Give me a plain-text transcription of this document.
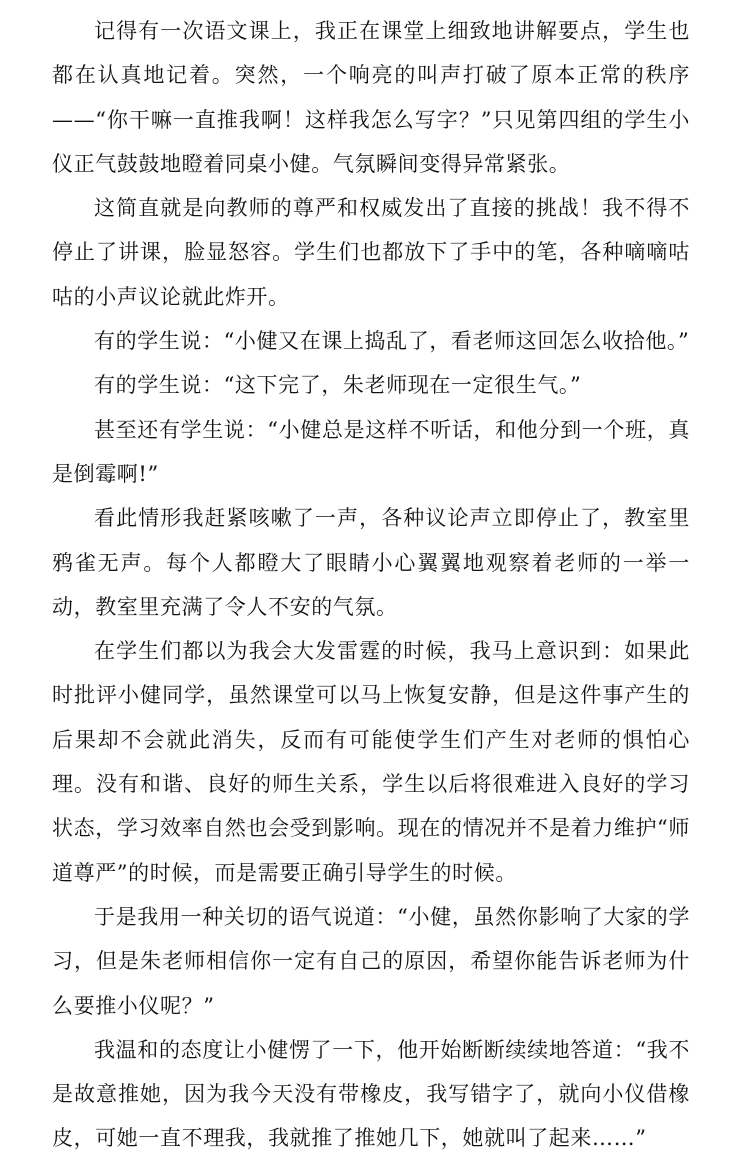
记得有一次语文课上，我正在课堂上细致地讲解要点，学生也都在认真地记着。突然，一个响亮的叫声打破了原本正常的秩序——“你干嘛一直推我啊！这样我怎么写字？”只见第四组的学生小仪正气鼓鼓地瞪着同桌小健。气氛瞬间变得异常紧张。

这简直就是向教师的尊严和权威发出了直接的挑战！我不得不停止了讲课，脸显怒容。学生们也都放下了手中的笔，各种嘀嘀咕咕的小声议论就此炸开。

有的学生说：“小健又在课上捣乱了，看老师这回怎么收拾他。”

有的学生说：“这下完了，朱老师现在一定很生气。”

甚至还有学生说：“小健总是这样不听话，和他分到一个班，真是倒霉啊!”

看此情形我赶紧咳嗽了一声，各种议论声立即停止了，教室里鸦雀无声。每个人都瞪大了眼睛小心翼翼地观察着老师的一举一动，教室里充满了令人不安的气氛。

在学生们都以为我会大发雷霆的时候，我马上意识到：如果此时批评小健同学，虽然课堂可以马上恢复安静，但是这件事产生的后果却不会就此消失，反而有可能使学生们产生对老师的惧怕心理。没有和谐、良好的师生关系，学生以后将很难进入良好的学习状态，学习效率自然也会受到影响。现在的情况并不是着力维护“师道尊严”的时候，而是需要正确引导学生的时候。

于是我用一种关切的语气说道：“小健，虽然你影响了大家的学习，但是朱老师相信你一定有自己的原因，希望你能告诉老师为什么要推小仪呢？”

我温和的态度让小健愣了一下，他开始断断续续地答道：“我不是故意推她，因为我今天没有带橡皮，我写错字了，就向小仪借橡皮，可她一直不理我，我就推了推她几下，她就叫了起来……”
